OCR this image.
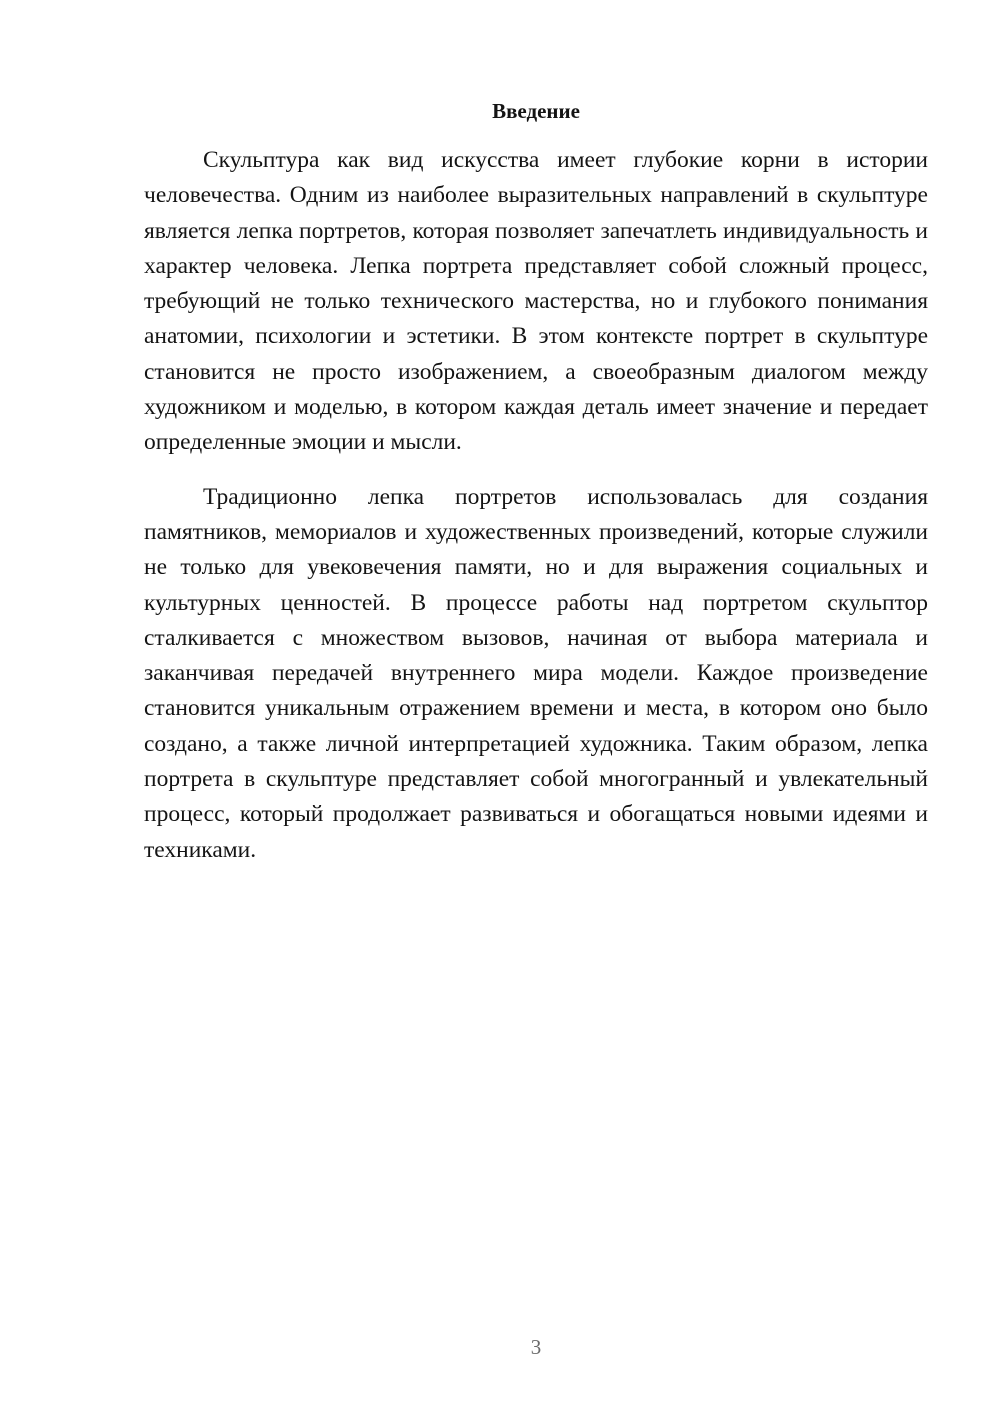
Введение

Скульптура как вид искусства имеет глубокие корни в истории человечества. Одним из наиболее выразительных направлений в скульптуре является лепка портретов, которая позволяет запечатлеть индивидуальность и характер человека. Лепка портрета представляет собой сложный процесс, требующий не только технического мастерства, но и глубокого понимания анатомии, психологии и эстетики. В этом контексте портрет в скульптуре становится не просто изображением, а своеобразным диалогом между художником и моделью, в котором каждая деталь имеет значение и передает определенные эмоции и мысли.

Традиционно лепка портретов использовалась для создания памятников, мемориалов и художественных произведений, которые служили не только для увековечения памяти, но и для выражения социальных и культурных ценностей. В процессе работы над портретом скульптор сталкивается с множеством вызовов, начиная от выбора материала и заканчивая передачей внутреннего мира модели. Каждое произведение становится уникальным отражением времени и места, в котором оно было создано, а также личной интерпретацией художника. Таким образом, лепка портрета в скульптуре представляет собой многогранный и увлекательный процесс, который продолжает развиваться и обогащаться новыми идеями и техниками.

3
